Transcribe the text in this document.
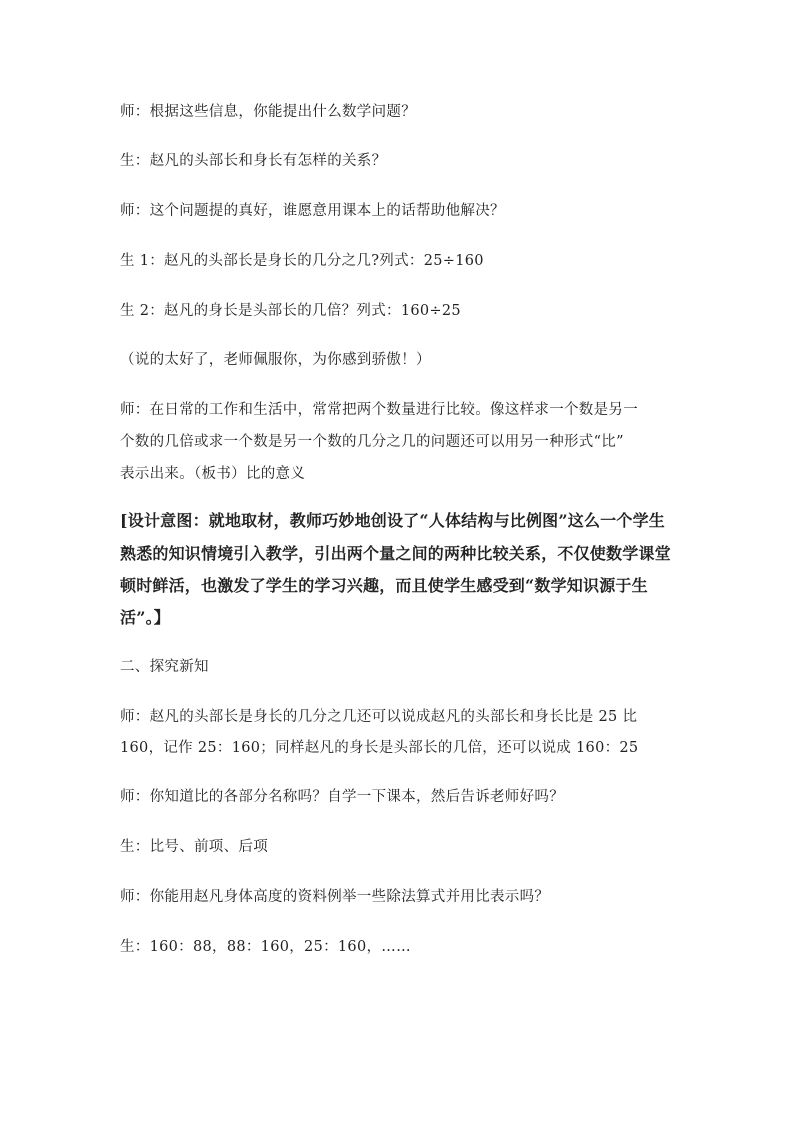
师：根据这些信息，你能提出什么数学问题？
生：赵凡的头部长和身长有怎样的关系？
师：这个问题提的真好，谁愿意用课本上的话帮助他解决？
生 1：赵凡的头部长是身长的几分之几?列式：25÷160
生 2：赵凡的身长是头部长的几倍？列式：160÷25
（说的太好了，老师佩服你，为你感到骄傲！）
师：在日常的工作和生活中，常常把两个数量进行比较。像这样求一个数是另一
个数的几倍或求一个数是另一个数的几分之几的问题还可以用另一种形式“比”
表示出来。（板书）比的意义
[设计意图：就地取材，教师巧妙地创设了“人体结构与比例图”这么一个学生
熟悉的知识情境引入教学，引出两个量之间的两种比较关系，不仅使数学课堂
顿时鲜活，也激发了学生的学习兴趣，而且使学生感受到“数学知识源于生
活”。】
二、探究新知
师：赵凡的头部长是身长的几分之几还可以说成赵凡的头部长和身长比是 25 比
160，记作 25：160；同样赵凡的身长是头部长的几倍，还可以说成 160：25
师：你知道比的各部分名称吗？自学一下课本，然后告诉老师好吗？
生：比号、前项、后项
师：你能用赵凡身体高度的资料例举一些除法算式并用比表示吗？
生：160：88，88：160，25：160，……
